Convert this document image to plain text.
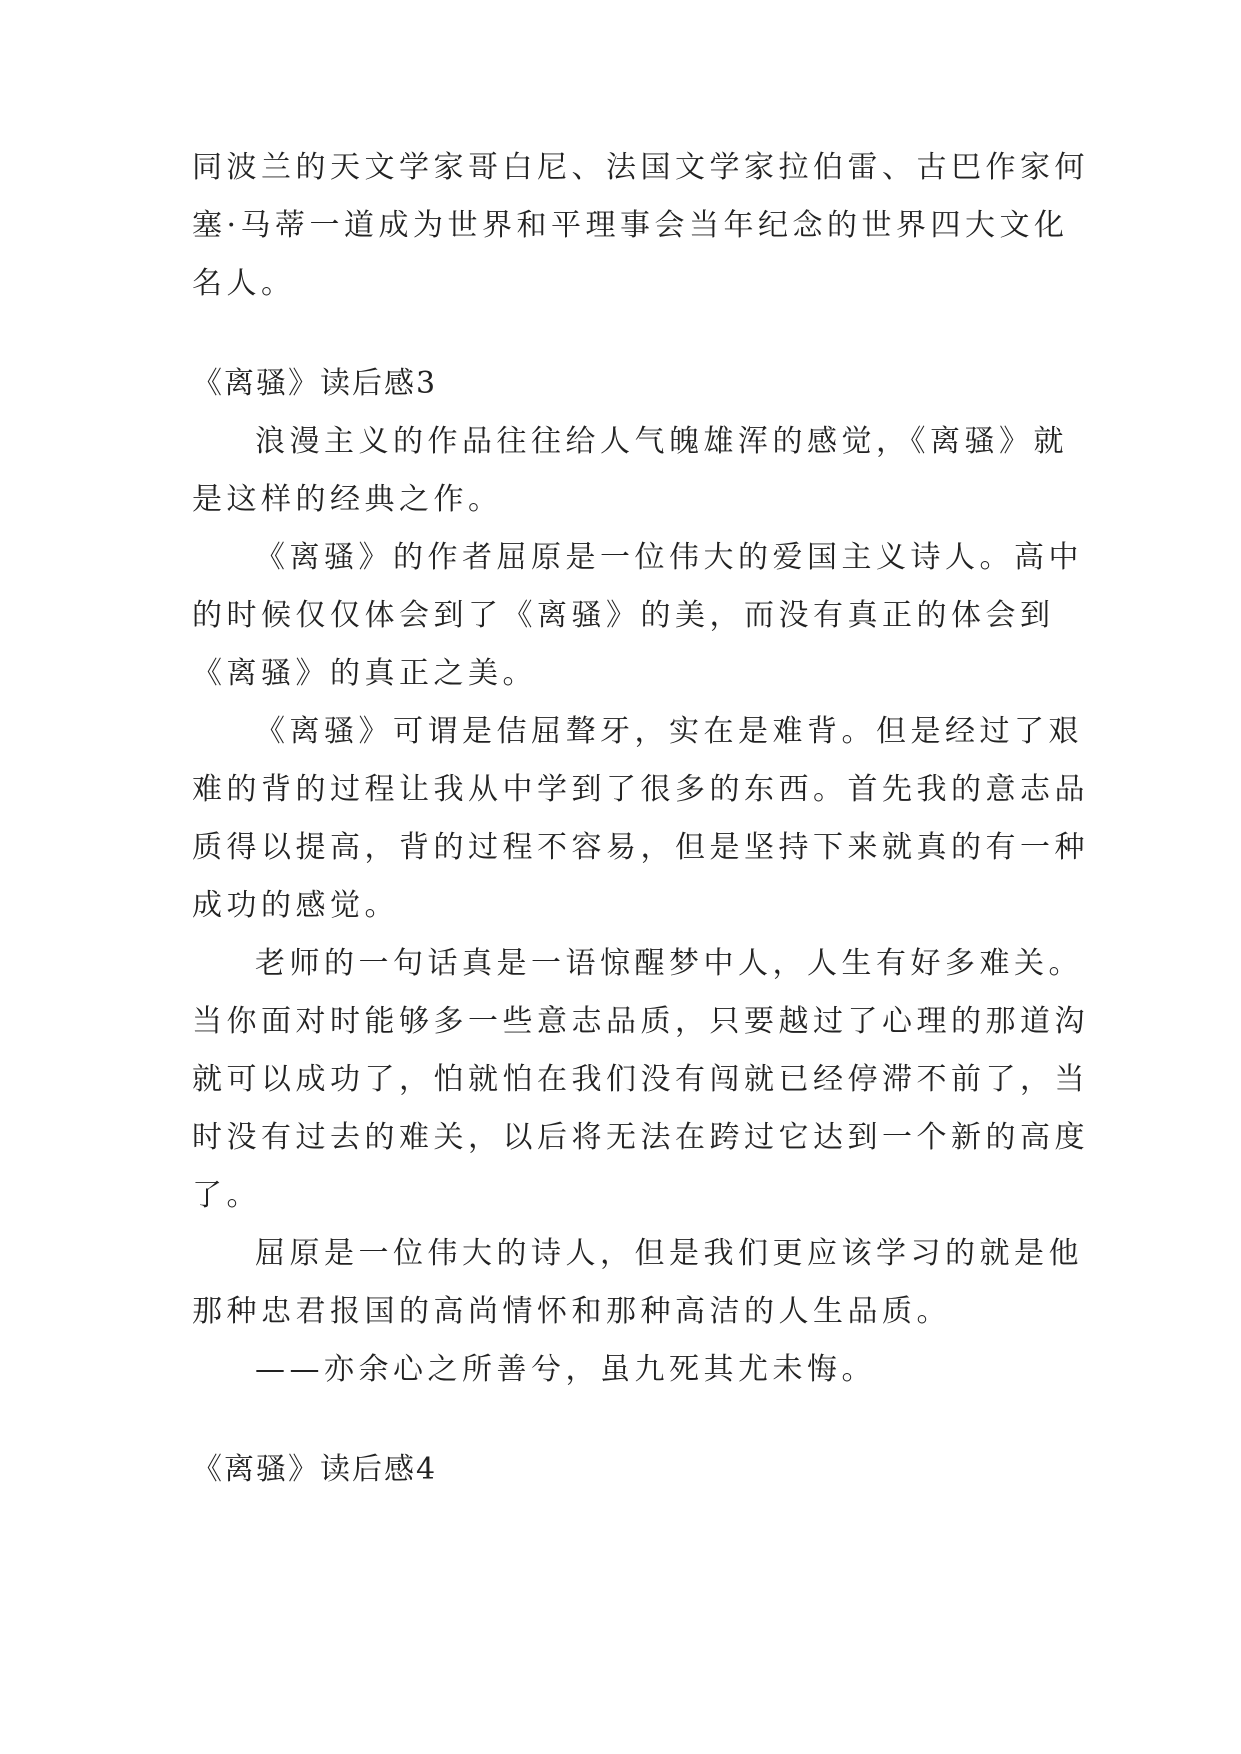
同波兰的天文学家哥白尼、法国文学家拉伯雷、古巴作家何
塞·马蒂一道成为世界和平理事会当年纪念的世界四大文化
名人。
《离骚》读后感3
浪漫主义的作品往往给人气魄雄浑的感觉，《离骚》就
是这样的经典之作。
《离骚》的作者屈原是一位伟大的爱国主义诗人。高中
的时候仅仅体会到了《离骚》的美，而没有真正的体会到
《离骚》的真正之美。
《离骚》可谓是佶屈聱牙，实在是难背。但是经过了艰
难的背的过程让我从中学到了很多的东西。首先我的意志品
质得以提高，背的过程不容易，但是坚持下来就真的有一种
成功的感觉。
老师的一句话真是一语惊醒梦中人，人生有好多难关。
当你面对时能够多一些意志品质，只要越过了心理的那道沟
就可以成功了，怕就怕在我们没有闯就已经停滞不前了，当
时没有过去的难关，以后将无法在跨过它达到一个新的高度
了。
屈原是一位伟大的诗人，但是我们更应该学习的就是他
那种忠君报国的高尚情怀和那种高洁的人生品质。
——亦余心之所善兮，虽九死其尤未悔。
《离骚》读后感4
